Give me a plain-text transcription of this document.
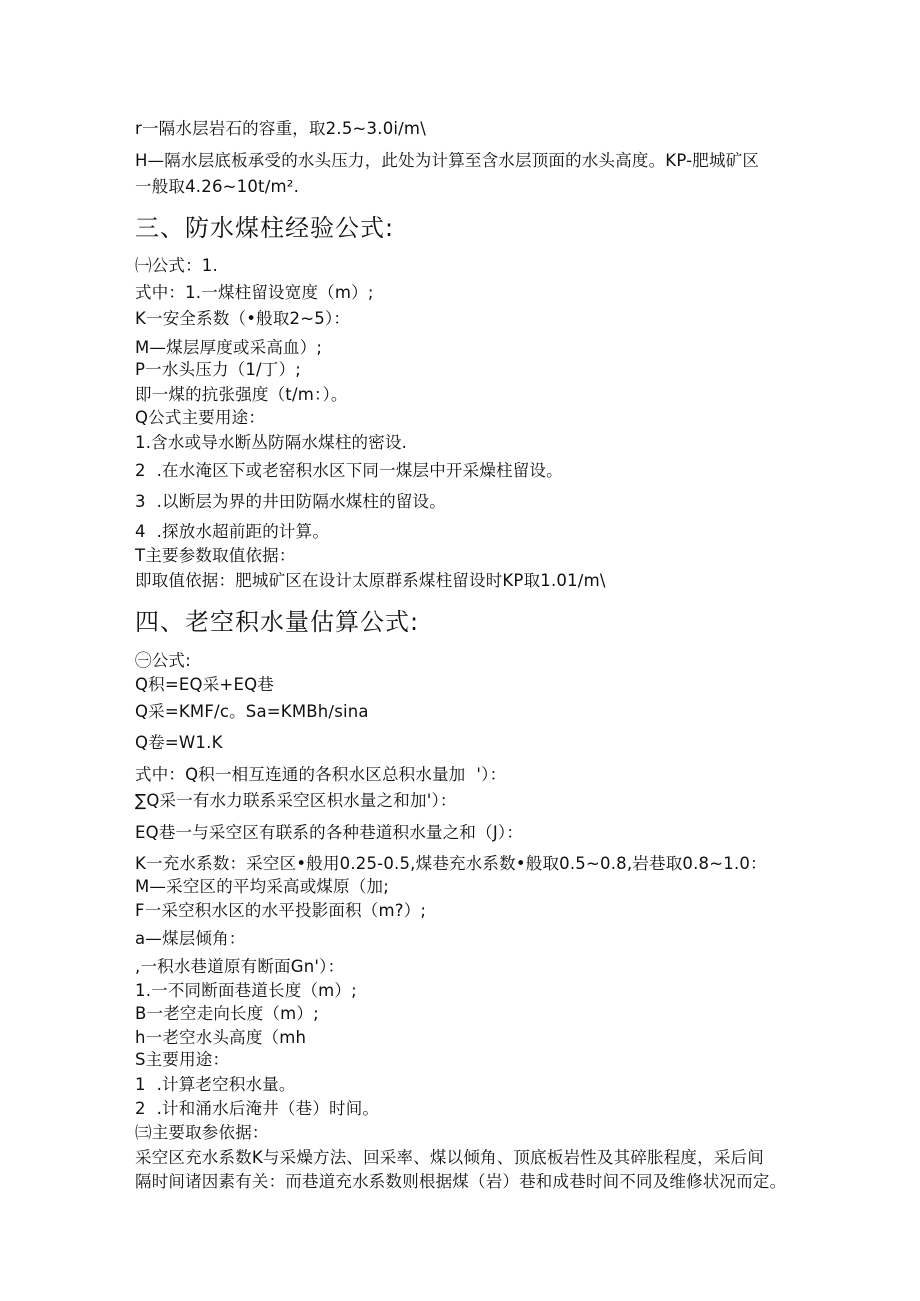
r一隔水层岩石的容重，取2.5~3.0i∕m\
H—隔水层底板承受的水头压力，此处为计算至含水层顶面的水头高度。KP-肥城矿区
一般取4.26~10t∕m².
三、防水煤柱经验公式:
㈠公式：1.
式中：1.一煤柱留设宽度（m）;
K一安全系数（•般取2~5）：
M—煤层厚度或采高血）;
P一水头压力（1/丁）;
即一煤的抗张强度（t/m：）。
Q公式主要用途：
1.含水或导水断丛防隔水煤柱的密设.
2  .在水淹区下或老窑积水区下同一煤层中开采燥柱留设。
3  .以断层为界的井田防隔水煤柱的留设。
4  .探放水超前距的计算。
T主要参数取值依据：
即取值依据：肥城矿区在设计太原群系煤柱留设时KP取1.01∕m\
四、老空积水量估算公式:
㊀公式:
Q积=EQ采+EQ巷
Q采=KMF/c。Sa=KMBh∕sina
Q卷=W1.K
式中：Q积一相互连通的各积水区总积水量加  '）：
∑Q采一有水力联系采空区枳水量之和加'）：
EQ巷一与采空区有联系的各种巷道积水量之和（J）：
K一充水系数：采空区•般用0.25-0.5,煤巷充水系数•般取0.5~0.8,岩巷取0.8~1.0：
M—采空区的平均采高或煤原（加;
F一采空积水区的水平投影面积（m?）;
a—煤层倾角：
,一积水巷道原有断面Gn'）：
1.一不同断面巷道长度（m）;
B一老空走向长度（m）;
h一老空水头高度（mh
S主要用途：
1  .计算老空积水量。
2  .计和涌水后淹井（巷）时间。
㈢主要取参依据：
采空区充水系数K与采燥方法、回采率、煤以倾角、顶底板岩性及其碎胀程度，采后间
隔时间诸因素有关：而巷道充水系数则根据煤（岩）巷和成巷时间不同及维修状况而定。
